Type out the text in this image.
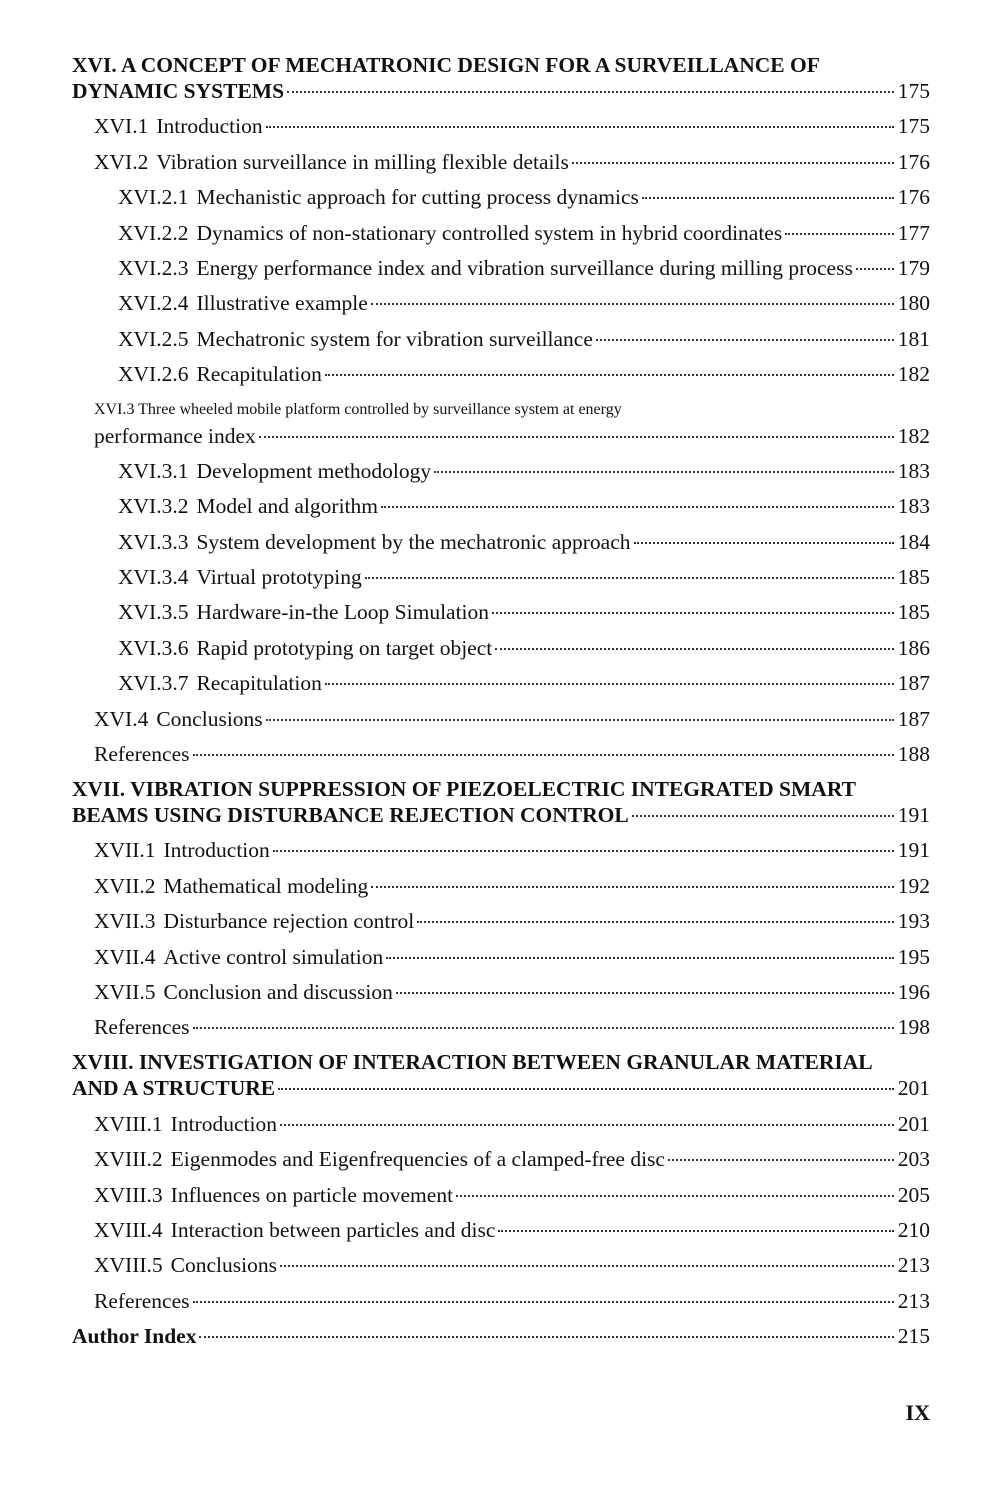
XVI. A CONCEPT OF MECHATRONIC DESIGN FOR A SURVEILLANCE OF
DYNAMIC SYSTEMS	175
XVI.1 Introduction	175
XVI.2 Vibration surveillance in milling flexible details	176
XVI.2.1 Mechanistic approach for cutting process dynamics	176
XVI.2.2 Dynamics of non-stationary controlled system in hybrid coordinates	177
XVI.2.3 Energy performance index and vibration surveillance during milling process 179
XVI.2.4 Illustrative example	180
XVI.2.5 Mechatronic system for vibration surveillance	181
XVI.2.6 Recapitulation	182
XVI.3 Three wheeled mobile platform controlled by surveillance system at energy
performance index	182
XVI.3.1 Development methodology	183
XVI.3.2 Model and algorithm	183
XVI.3.3 System development by the mechatronic approach	184
XVI.3.4 Virtual prototyping	185
XVI.3.5 Hardware-in-the Loop Simulation	185
XVI.3.6 Rapid prototyping on target object	186
XVI.3.7 Recapitulation	187
XVI.4 Conclusions	187
References	188
XVII. VIBRATION SUPPRESSION OF PIEZOELECTRIC INTEGRATED SMART
BEAMS USING DISTURBANCE REJECTION CONTROL	191
XVII.1 Introduction	191
XVII.2 Mathematical modeling	192
XVII.3 Disturbance rejection control	193
XVII.4 Active control simulation	195
XVII.5 Conclusion and discussion	196
References	198
XVIII. INVESTIGATION OF INTERACTION BETWEEN GRANULAR MATERIAL
AND A STRUCTURE	201
XVIII.1 Introduction	201
XVIII.2 Eigenmodes and Eigenfrequencies of a clamped-free disc	203
XVIII.3 Influences on particle movement	205
XVIII.4 Interaction between particles and disc	210
XVIII.5 Conclusions	213
References	213
Author Index	215
IX
